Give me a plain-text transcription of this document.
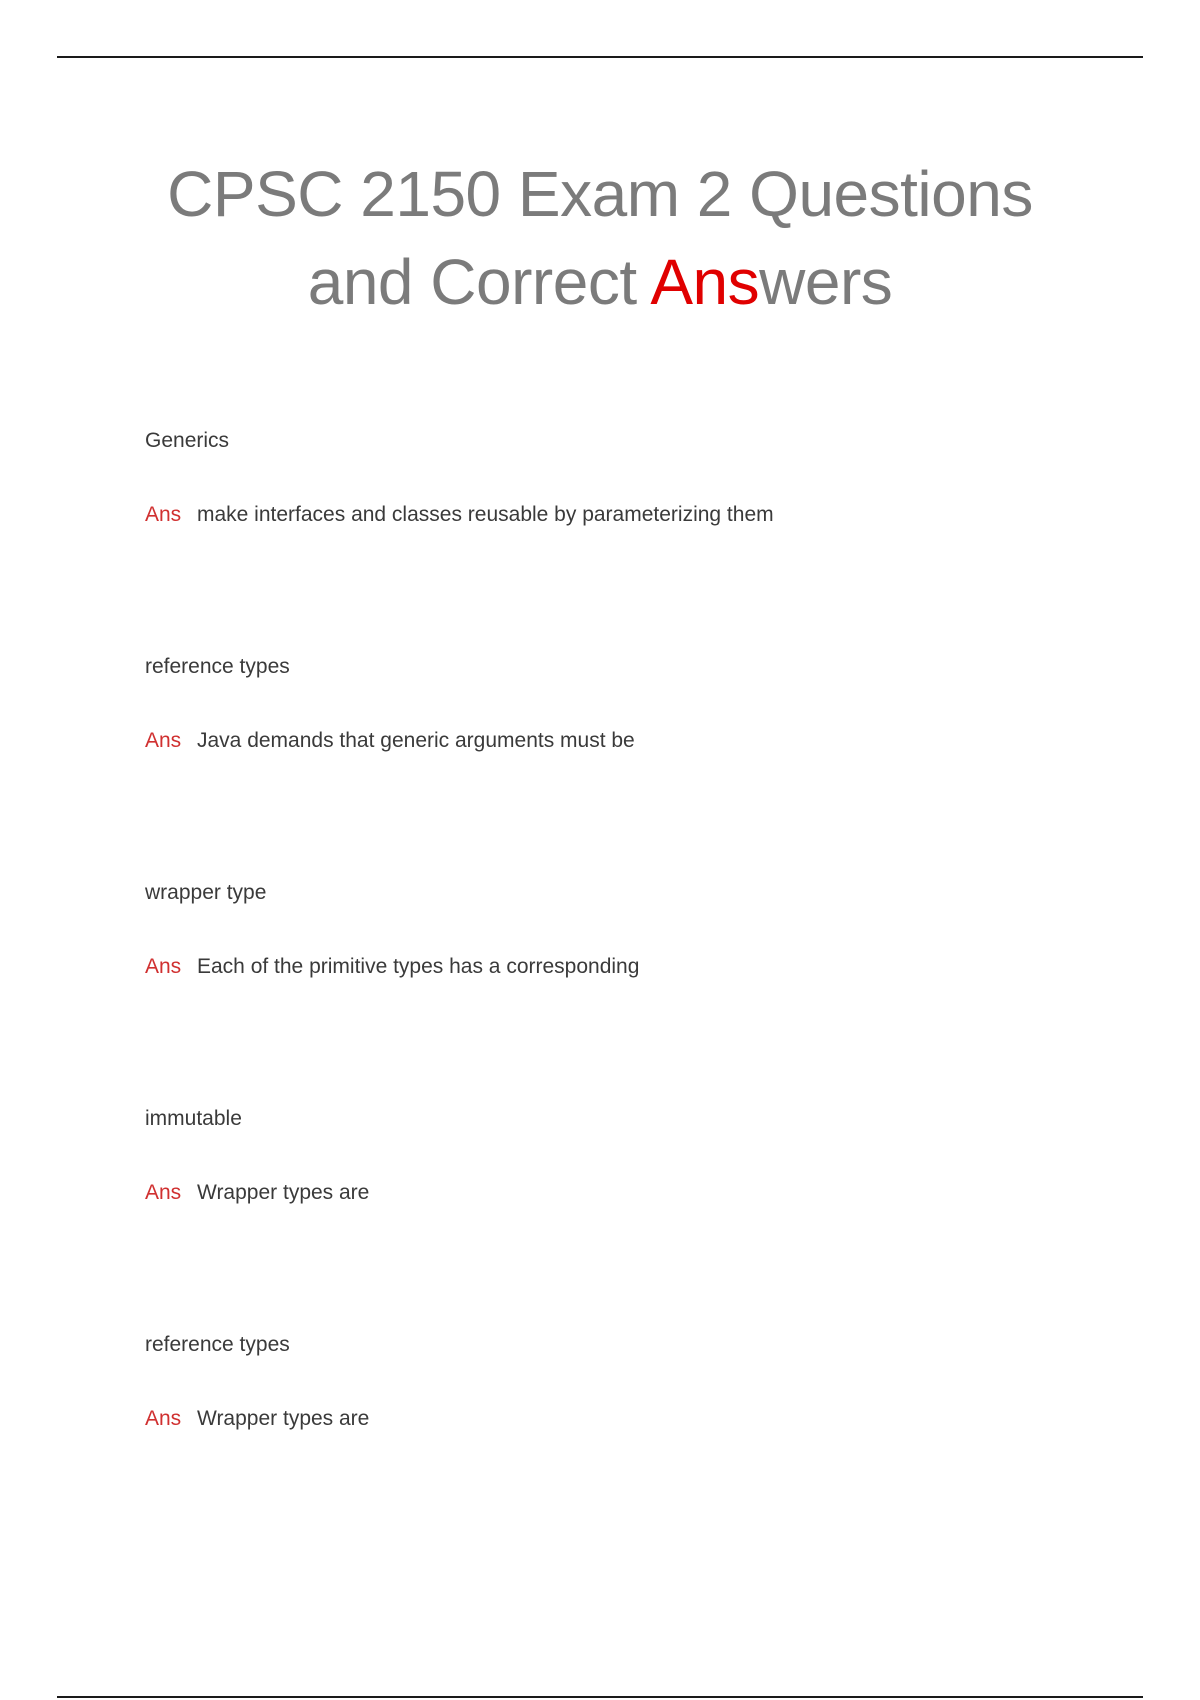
CPSC 2150 Exam 2 Questions
and Correct Answers
Generics
Ans make interfaces and classes reusable by parameterizing them
reference types
Ans Java demands that generic arguments must be
wrapper type
Ans Each of the primitive types has a corresponding
immutable
Ans Wrapper types are
reference types
Ans Wrapper types are
